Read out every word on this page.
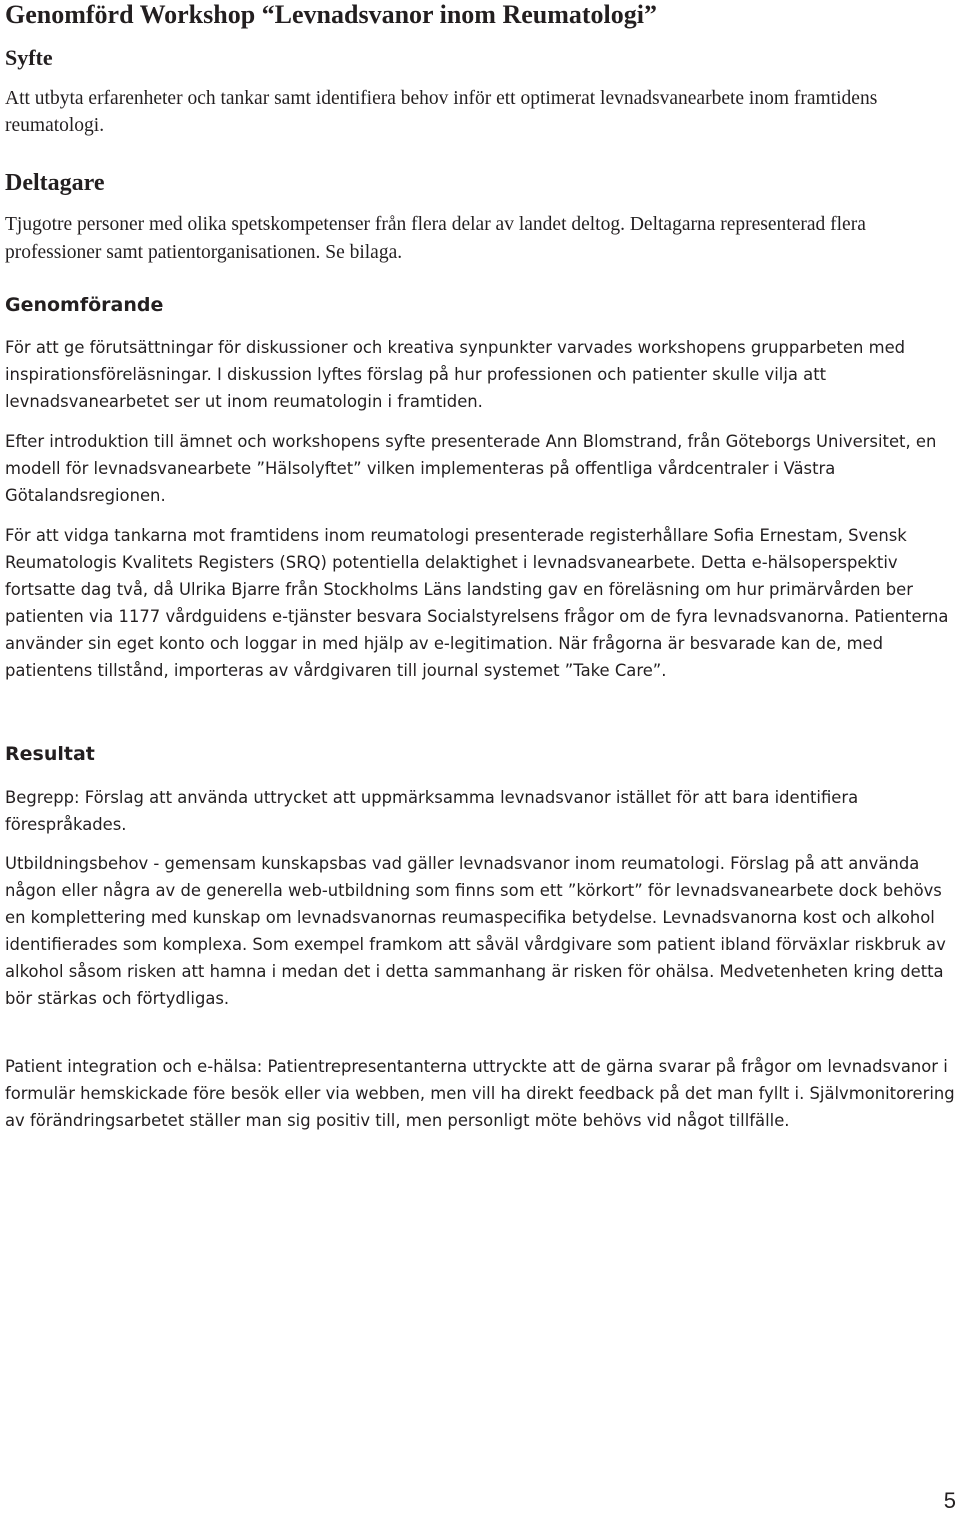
Genomförd Workshop “Levnadsvanor inom Reumatologi”
Syfte

Att utbyta erfarenheter och tankar samt identifiera behov inför ett optimerat levnadsvanearbete inom framtidens reumatologi.

Deltagare

Tjugotre personer med olika spetskompetenser från flera delar av landet deltog. Deltagarna representerad flera professioner samt patientorganisationen. Se bilaga.

Genomförande

För att ge förutsättningar för diskussioner och kreativa synpunkter varvades workshopens grupparbeten med inspirationsföreläsningar. I diskussion lyftes förslag på hur professionen och patienter skulle vilja att levnadsvanearbetet ser ut inom reumatologin i framtiden.

Efter introduktion till ämnet och workshopens syfte presenterade Ann Blomstrand, från Göteborgs Universitet, en modell för levnadsvanearbete ”Hälsolyftet” vilken implementeras på offentliga vårdcentraler i Västra Götalandsregionen.

För att vidga tankarna mot framtidens inom reumatologi presenterade registerhållare Sofia Ernestam, Svensk Reumatologis Kvalitets Registers (SRQ) potentiella delaktighet i levnadsvanearbete. Detta e-hälsoperspektiv fortsatte dag två, då Ulrika Bjarre från Stockholms Läns landsting gav en föreläsning om hur primärvården ber patienten via 1177 vårdguidens e-tjänster besvara Socialstyrelsens frågor om de fyra levnadsvanorna. Patienterna använder sin eget konto och loggar in med hjälp av e-legitimation. När frågorna är besvarade kan de, med patientens tillstånd, importeras av vårdgivaren till journal systemet ”Take Care”.

Resultat

Begrepp: Förslag att använda uttrycket att uppmärksamma levnadsvanor istället för att bara identifiera förespråkades.

Utbildningsbehov - gemensam kunskapsbas vad gäller levnadsvanor inom reumatologi. Förslag på att använda någon eller några av de generella web-utbildning som finns som ett ”körkort” för levnadsvanearbete dock behövs en komplettering med kunskap om levnadsvanornas reumaspecifika betydelse. Levnadsvanorna kost och alkohol identifierades som komplexa. Som exempel framkom att såväl vårdgivare som patient ibland förväxlar riskbruk av alkohol såsom risken att hamna i medan det i detta sammanhang är risken för ohälsa. Medvetenheten kring detta bör stärkas och förtydligas.

Patient integration och e-hälsa: Patientrepresentanterna uttryckte att de gärna svarar på frågor om levnadsvanor i formulär hemskickade före besök eller via webben, men vill ha direkt feedback på det man fyllt i. Självmonitorering av förändringsarbetet ställer man sig positiv till, men personligt möte behövs vid något tillfälle.

5
